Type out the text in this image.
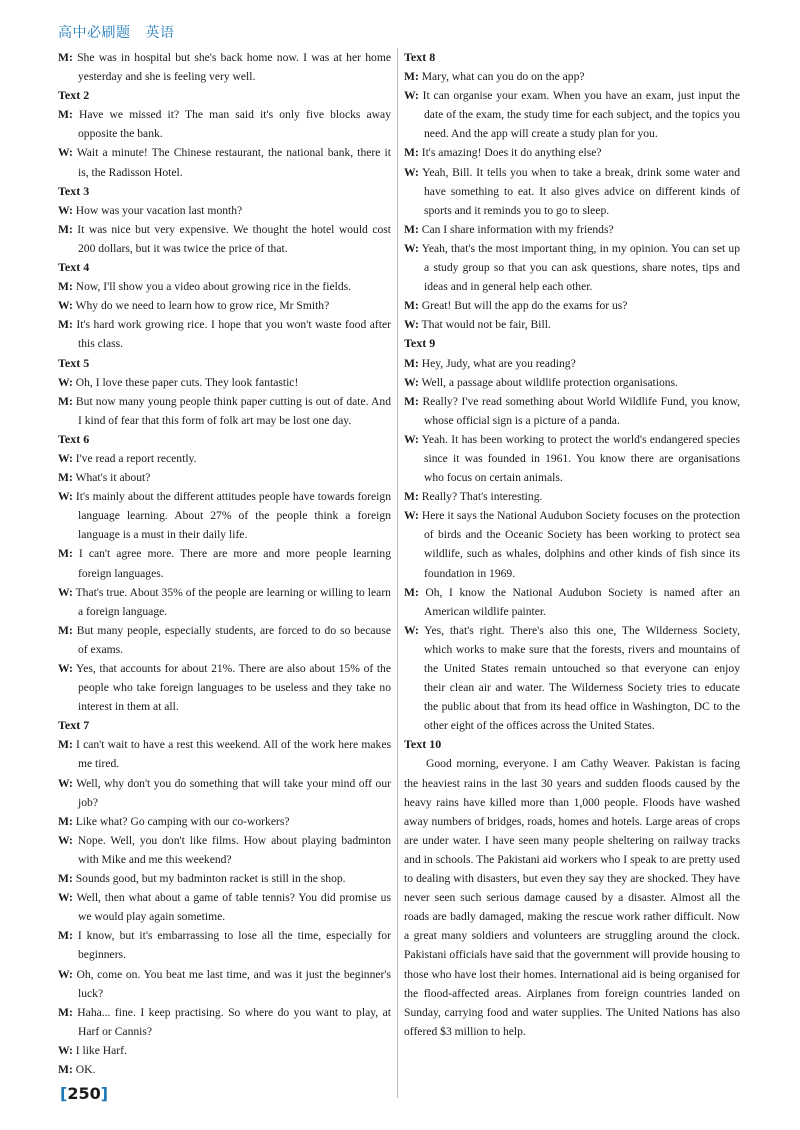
高中必刷题 英语
M: She was in hospital but she's back home now. I was at her home yesterday and she is feeling very well.
Text 2
M: Have we missed it? The man said it's only five blocks away opposite the bank.
W: Wait a minute! The Chinese restaurant, the national bank, there it is, the Radisson Hotel.
Text 3
W: How was your vacation last month?
M: It was nice but very expensive. We thought the hotel would cost 200 dollars, but it was twice the price of that.
Text 4
M: Now, I'll show you a video about growing rice in the fields.
W: Why do we need to learn how to grow rice, Mr Smith?
M: It's hard work growing rice. I hope that you won't waste food after this class.
Text 5
W: Oh, I love these paper cuts. They look fantastic!
M: But now many young people think paper cutting is out of date. And I kind of fear that this form of folk art may be lost one day.
Text 6
W: I've read a report recently.
M: What's it about?
W: It's mainly about the different attitudes people have towards foreign language learning. About 27% of the people think a foreign language is a must in their daily life.
M: I can't agree more. There are more and more people learning foreign languages.
W: That's true. About 35% of the people are learning or willing to learn a foreign language.
M: But many people, especially students, are forced to do so because of exams.
W: Yes, that accounts for about 21%. There are also about 15% of the people who take foreign languages to be useless and they take no interest in them at all.
Text 7
M: I can't wait to have a rest this weekend. All of the work here makes me tired.
W: Well, why don't you do something that will take your mind off our job?
M: Like what? Go camping with our co-workers?
W: Nope. Well, you don't like films. How about playing badminton with Mike and me this weekend?
M: Sounds good, but my badminton racket is still in the shop.
W: Well, then what about a game of table tennis? You did promise us we would play again sometime.
M: I know, but it's embarrassing to lose all the time, especially for beginners.
W: Oh, come on. You beat me last time, and was it just the beginner's luck?
M: Haha... fine. I keep practising. So where do you want to play, at Harf or Cannis?
W: I like Harf.
M: OK.
Text 8
M: Mary, what can you do on the app?
W: It can organise your exam. When you have an exam, just input the date of the exam, the study time for each subject, and the topics you need. And the app will create a study plan for you.
M: It's amazing! Does it do anything else?
W: Yeah, Bill. It tells you when to take a break, drink some water and have something to eat. It also gives advice on different kinds of sports and it reminds you to go to sleep.
M: Can I share information with my friends?
W: Yeah, that's the most important thing, in my opinion. You can set up a study group so that you can ask questions, share notes, tips and ideas and in general help each other.
M: Great! But will the app do the exams for us?
W: That would not be fair, Bill.
Text 9
M: Hey, Judy, what are you reading?
W: Well, a passage about wildlife protection organisations.
M: Really? I've read something about World Wildlife Fund, you know, whose official sign is a picture of a panda.
W: Yeah. It has been working to protect the world's endangered species since it was founded in 1961. You know there are organisations who focus on certain animals.
M: Really? That's interesting.
W: Here it says the National Audubon Society focuses on the protection of birds and the Oceanic Society has been working to protect sea wildlife, such as whales, dolphins and other kinds of fish since its foundation in 1969.
M: Oh, I know the National Audubon Society is named after an American wildlife painter.
W: Yes, that's right. There's also this one, The Wilderness Society, which works to make sure that the forests, rivers and mountains of the United States remain untouched so that everyone can enjoy their clean air and water. The Wilderness Society tries to educate the public about that from its head office in Washington, DC to the other eight of the offices across the United States.
Text 10
Good morning, everyone. I am Cathy Weaver. Pakistan is facing the heaviest rains in the last 30 years and sudden floods caused by the heavy rains have killed more than 1,000 people. Floods have washed away numbers of bridges, roads, homes and hotels. Large areas of crops are under water. I have seen many people sheltering on railway tracks and in schools. The Pakistani aid workers who I speak to are pretty used to dealing with disasters, but even they say they are shocked. They have never seen such serious damage caused by a disaster. Almost all the roads are badly damaged, making the rescue work rather difficult. Now a great many soldiers and volunteers are struggling around the clock. Pakistani officials have said that the government will provide housing to those who have lost their homes. International aid is being organised for the flood-affected areas. Airplanes from foreign countries landed on Sunday, carrying food and water supplies. The United Nations has also offered $3 million to help.
[250]
